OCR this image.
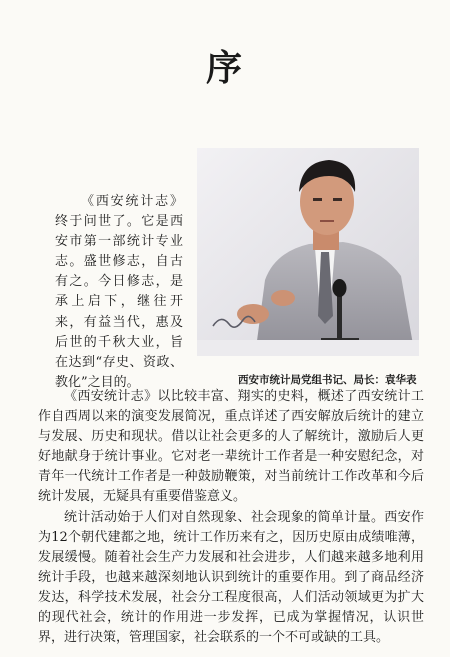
序

《西安统计志》终于问世了。它是西安市第一部统计专业志。盛世修志，自古有之。今日修志，是承上启下，继往开来，有益当代，惠及后世的千秋大业，旨在达到“存史、资政、教化”之目的。	西安市统计局党组书记、局长：袁华表

《西安统计志》以比较丰富、翔实的史料，概述了西安统计工作自西周以来的演变发展简况，重点详述了西安解放后统计的建立与发展、历史和现状。借以让社会更多的人了解统计，激励后人更好地献身于统计事业。它对老一辈统计工作者是一种安慰纪念，对青年一代统计工作者是一种鼓励鞭策，对当前统计工作改革和今后统计发展，无疑具有重要借鉴意义。

统计活动始于人们对自然现象、社会现象的简单计量。西安作为12个朝代建都之地，统计工作历来有之，因历史原由成绩唯薄，发展缓慢。随着社会生产力发展和社会进步，人们越来越多地利用统计手段，也越来越深刻地认识到统计的重要作用。到了商品经济发达，科学技术发展，社会分工程度很高，人们活动领域更为扩大的现代社会，统计的作用进一步发挥，已成为掌握情况，认识世界，进行决策，管理国家，社会联系的一个不可或缺的工具。
